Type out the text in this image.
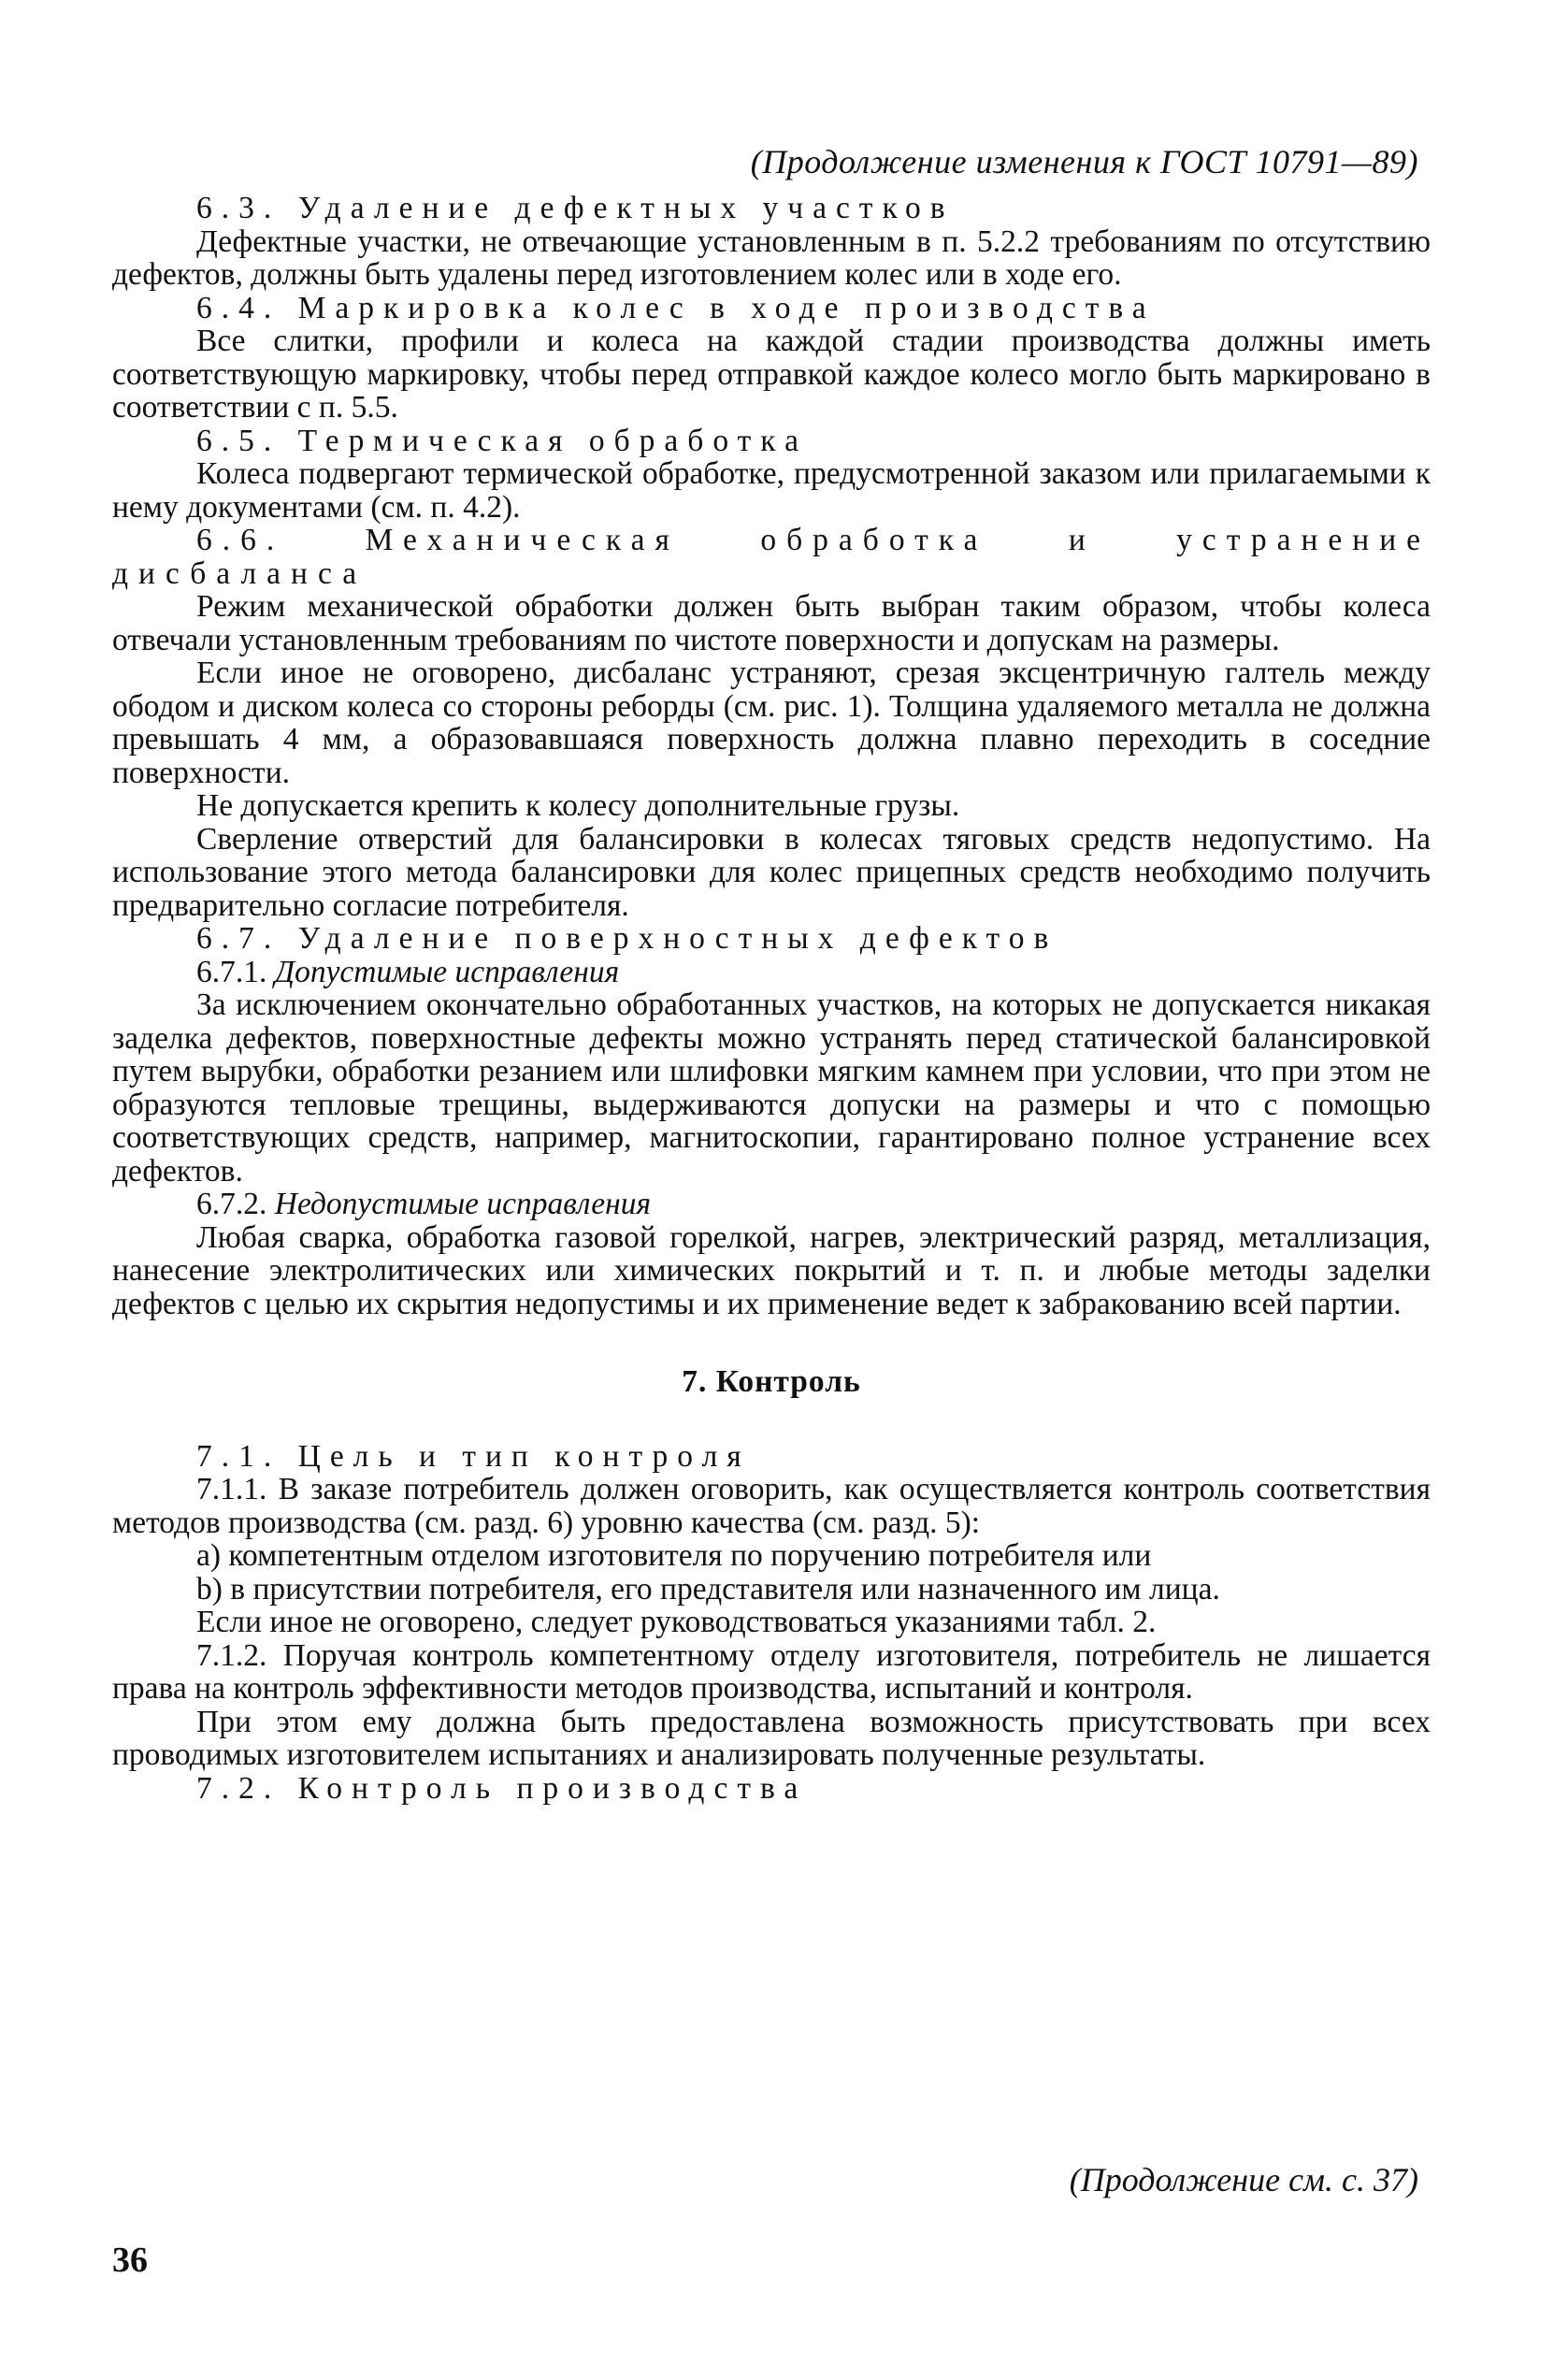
(Продолжение изменения к ГОСТ 10791—89)

6.3. Удаление дефектных участков

Дефектные участки, не отвечающие установленным в п. 5.2.2 требованиям по отсутствию дефектов, должны быть удалены перед изготовлением колес или в ходе его.

6.4. Маркировка колес в ходе производства

Все слитки, профили и колеса на каждой стадии производства должны иметь соответствующую маркировку, чтобы перед отправкой каждое колесо могло быть маркировано в соответствии с п. 5.5.

6.5. Термическая обработка

Колеса подвергают термической обработке, предусмотренной заказом или прилагаемыми к нему документами (см. п. 4.2).

6.6. Механическая обработка и устранение дисбаланса

Режим механической обработки должен быть выбран таким образом, чтобы колеса отвечали установленным требованиям по чистоте поверхности и допускам на размеры.

Если иное не оговорено, дисбаланс устраняют, срезая эксцентричную галтель между ободом и диском колеса со стороны реборды (см. рис. 1). Толщина удаляемого металла не должна превышать 4 мм, а образовавшаяся поверхность должна плавно переходить в соседние поверхности.

Не допускается крепить к колесу дополнительные грузы.

Сверление отверстий для балансировки в колесах тяговых средств недопустимо. На использование этого метода балансировки для колес прицепных средств необходимо получить предварительно согласие потребителя.

6.7. Удаление поверхностных дефектов

6.7.1. Допустимые исправления

За исключением окончательно обработанных участков, на которых не допускается никакая заделка дефектов, поверхностные дефекты можно устранять перед статической балансировкой путем вырубки, обработки резанием или шлифовки мягким камнем при условии, что при этом не образуются тепловые трещины, выдерживаются допуски на размеры и что с помощью соответствующих средств, например, магнитоскопии, гарантировано полное устранение всех дефектов.

6.7.2. Недопустимые исправления

Любая сварка, обработка газовой горелкой, нагрев, электрический разряд, металлизация, нанесение электролитических или химических покрытий и т. п. и любые методы заделки дефектов с целью их скрытия недопустимы и их применение ведет к забракованию всей партии.

7. Контроль

7.1. Цель и тип контроля

7.1.1. В заказе потребитель должен оговорить, как осуществляется контроль соответствия методов производства (см. разд. 6) уровню качества (см. разд. 5):

а) компетентным отделом изготовителя по поручению потребителя или

b) в присутствии потребителя, его представителя или назначенного им лица.

Если иное не оговорено, следует руководствоваться указаниями табл. 2.

7.1.2. Поручая контроль компетентному отделу изготовителя, потребитель не лишается права на контроль эффективности методов производства, испытаний и контроля.

При этом ему должна быть предоставлена возможность присутствовать при всех проводимых изготовителем испытаниях и анализировать полученные результаты.

7.2. Контроль производства

(Продолжение см. с. 37)
36
